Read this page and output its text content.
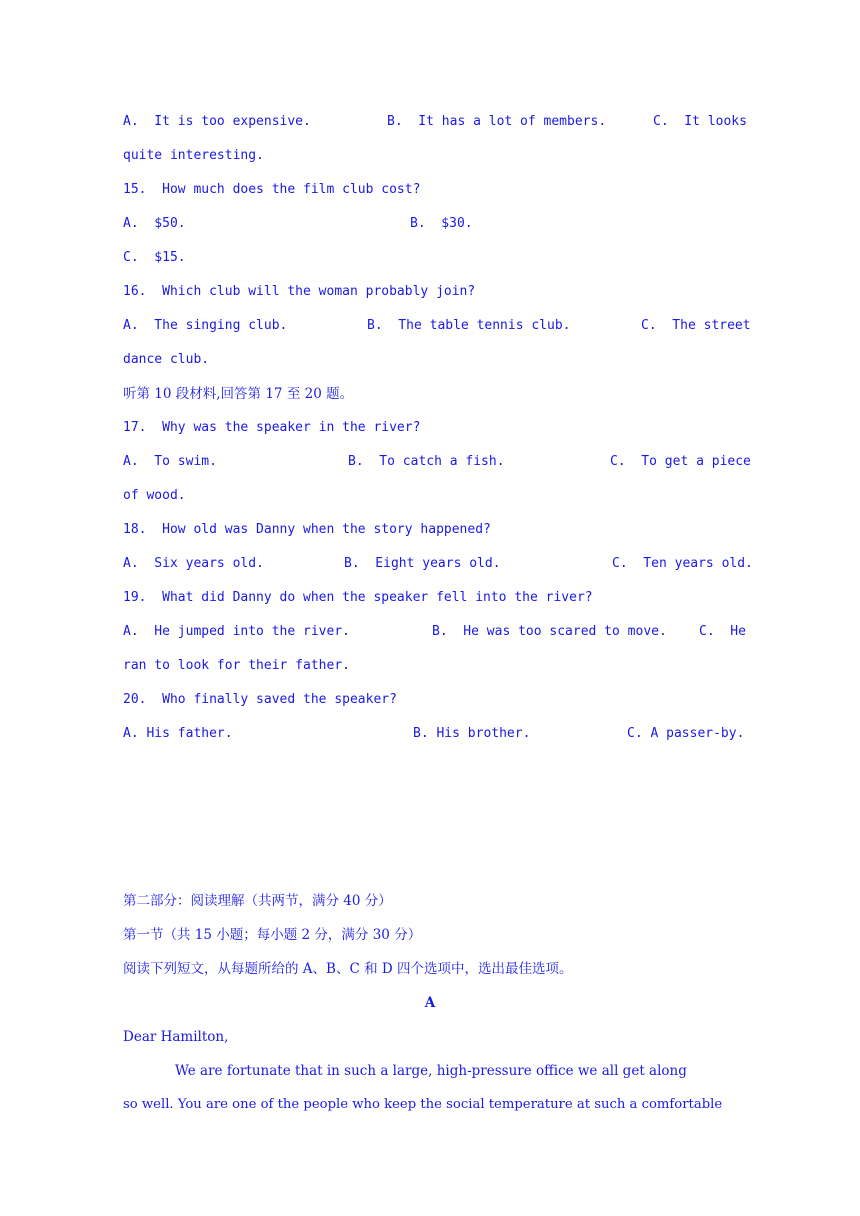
A.  It is too expensive.	B.  It has a lot of members.	C.  It looks
quite interesting.
15.  How much does the film club cost?
A.  $50.	B.  $30.
C.  $15.
16.  Which club will the woman probably join?
A.  The singing club.	B.  The table tennis club.	C.  The street
dance club.
听第 10 段材料,回答第 17 至 20 题。
17.  Why was the speaker in the river?
A.  To swim.	B.  To catch a fish.	C.  To get a piece
of wood.
18.  How old was Danny when the story happened?
A.  Six years old.	B.  Eight years old.	C.  Ten years old.
19.  What did Danny do when the speaker fell into the river?
A.  He jumped into the river.	B.  He was too scared to move. C.  He
ran to look for their father.
20.  Who finally saved the speaker?
A. His father.	B. His brother.	C. A passer-by.
第二部分：阅读理解（共两节，满分 40 分）
第一节（共 15 小题；每小题 2 分，满分 30 分）
阅读下列短文，从每题所给的 A、B、C 和 D 四个选项中，选出最佳选项。
A
Dear Hamilton,
We are fortunate that in such a large, high-pressure office we all get along
so well. You are one of the people who keep the social temperature at such a comfortable
